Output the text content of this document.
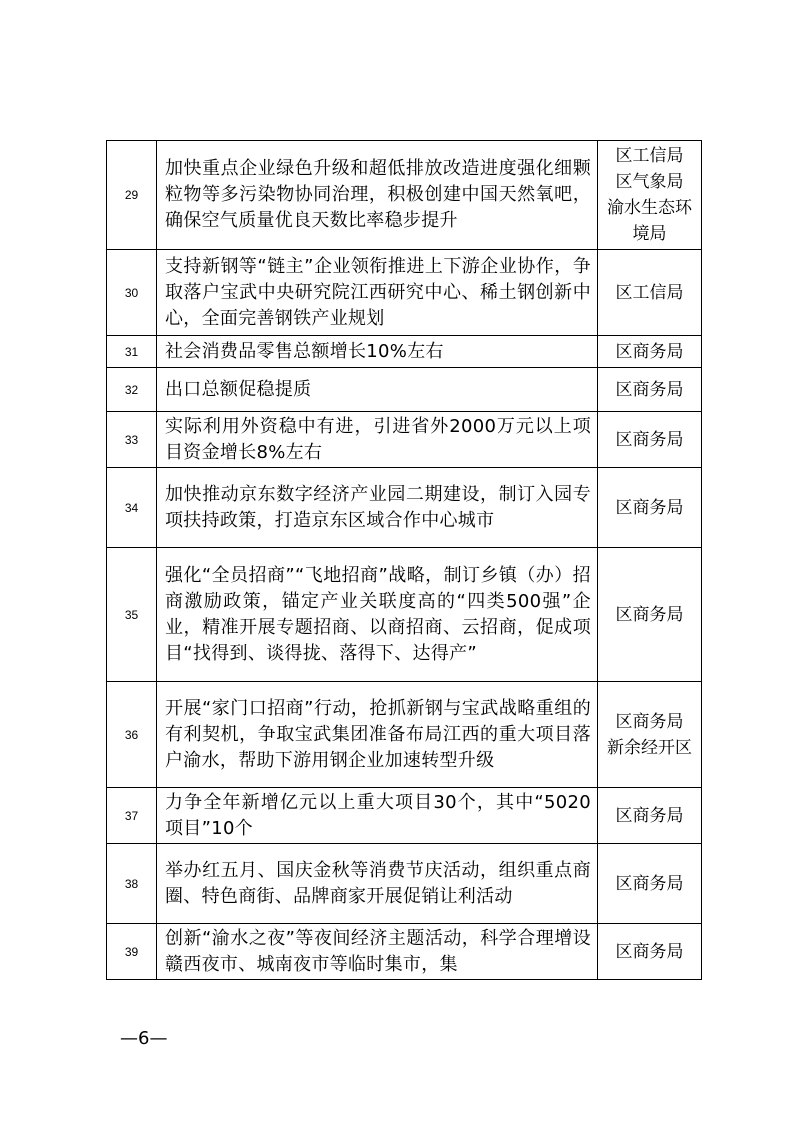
29	加快重点企业绿色升级和超低排放改造进度强化细颗粒物等多污染物协同治理，积极创建中国天然氧吧，确保空气质量优良天数比率稳步提升	区工信局
区气象局
渝水生态环境局
30	支持新钢等“链主”企业领衔推进上下游企业协作，争取落户宝武中央研究院江西研究中心、稀土钢创新中心，全面完善钢铁产业规划	区工信局
31	社会消费品零售总额增长10%左右	区商务局
32	出口总额促稳提质	区商务局
33	实际利用外资稳中有进，引进省外2000万元以上项目资金增长8%左右	区商务局
34	加快推动京东数字经济产业园二期建设，制订入园专项扶持政策，打造京东区域合作中心城市	区商务局
35	强化“全员招商”“飞地招商”战略，制订乡镇（办）招商激励政策，锚定产业关联度高的“四类500强”企业，精准开展专题招商、以商招商、云招商，促成项目“找得到、谈得拢、落得下、达得产”	区商务局
36	开展“家门口招商”行动，抢抓新钢与宝武战略重组的有利契机，争取宝武集团准备布局江西的重大项目落户渝水，帮助下游用钢企业加速转型升级	区商务局
新余经开区
37	力争全年新增亿元以上重大项目30个，其中“5020项目”10个	区商务局
38	举办红五月、国庆金秋等消费节庆活动，组织重点商圈、特色商街、品牌商家开展促销让利活动	区商务局
39	创新“渝水之夜”等夜间经济主题活动，科学合理增设赣西夜市、城南夜市等临时集市，集	区商务局
—6—
